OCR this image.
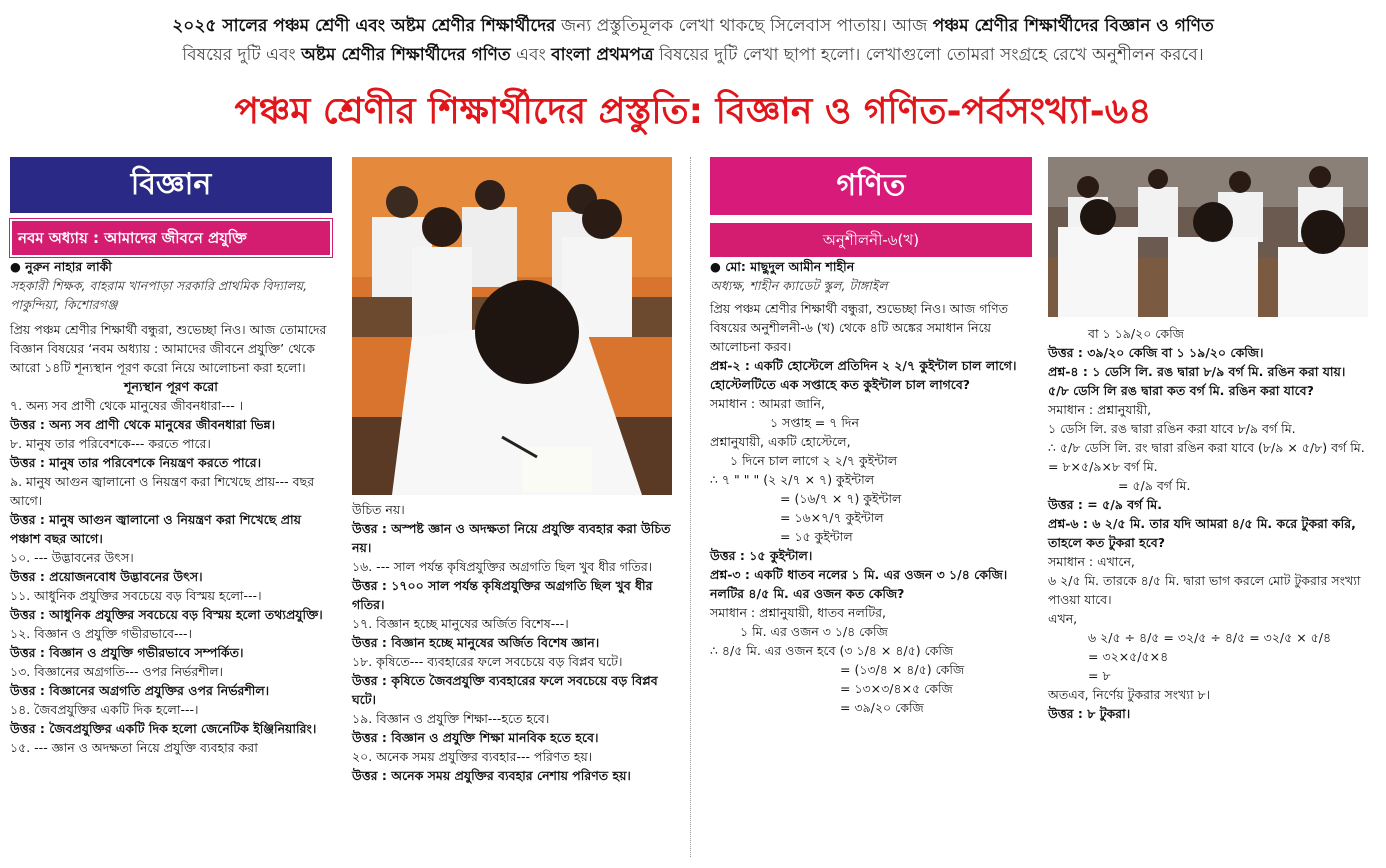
২০২৫ সালের পঞ্চম শ্রেণী এবং অষ্টম শ্রেণীর শিক্ষার্থীদের জন্য প্রস্তুতিমূলক লেখা থাকছে সিলেবাস পাতায়। আজ পঞ্চম শ্রেণীর শিক্ষার্থীদের বিজ্ঞান ও গণিত
বিষয়ের দুটি এবং অষ্টম শ্রেণীর শিক্ষার্থীদের গণিত এবং বাংলা প্রথমপত্র বিষয়ের দুটি লেখা ছাপা হলো। লেখাগুলো তোমরা সংগ্রহে রেখে অনুশীলন করবে।
পঞ্চম শ্রেণীর শিক্ষার্থীদের প্রস্তুতি: বিজ্ঞান ও গণিত-পর্বসংখ্যা-৬৪
বিজ্ঞান
নবম অধ্যায় : আমাদের জীবনে প্রযুক্তি

● নুরুন নাহার লাকী

সহকারী শিক্ষক, বাহরাম খানপাড়া সরকারি প্রাথমিক বিদ্যালয়, পাকুন্দিয়া, কিশোরগঞ্জ

প্রিয় পঞ্চম শ্রেণীর শিক্ষার্থী বন্ধুরা, শুভেচ্ছা নিও। আজ তোমাদের বিজ্ঞান বিষয়ের ‘নবম অধ্যায় : আমাদের জীবনে প্রযুক্তি’ থেকে আরো ১৪টি শূন্যস্থান পূরণ করো নিয়ে আলোচনা করা হলো।

শূন্যস্থান পূরণ করো

৭. অন্য সব প্রাণী থেকে মানুষের জীবনধারা--- ।

উত্তর : অন্য সব প্রাণী থেকে মানুষের জীবনধারা ভিন্ন।

৮. মানুষ তার পরিবেশকে--- করতে পারে।

উত্তর : মানুষ তার পরিবেশকে নিয়ন্ত্রণ করতে পারে।

৯. মানুষ আগুন জ্বালানো ও নিয়ন্ত্রণ করা শিখেছে প্রায়--- বছর আগে।

উত্তর : মানুষ আগুন জ্বালানো ও নিয়ন্ত্রণ করা শিখেছে প্রায় পঞ্চাশ বছর আগে।

১০. --- উদ্ভাবনের উৎস।

উত্তর : প্রয়োজনবোধ উদ্ভাবনের উৎস।

১১. আধুনিক প্রযুক্তির সবচেয়ে বড় বিস্ময় হলো---।

উত্তর : আধুনিক প্রযুক্তির সবচেয়ে বড় বিস্ময় হলো তথ্যপ্রযুক্তি।

১২. বিজ্ঞান ও প্রযুক্তি গভীরভাবে---।

উত্তর : বিজ্ঞান ও প্রযুক্তি গভীরভাবে সম্পর্কিত।

১৩. বিজ্ঞানের অগ্রগতি--- ওপর নির্ভরশীল।

উত্তর : বিজ্ঞানের অগ্রগতি প্রযুক্তির ওপর নির্ভরশীল।

১৪. জৈবপ্রযুক্তির একটি দিক হলো---।

উত্তর : জৈবপ্রযুক্তির একটি দিক হলো জেনেটিক ইঞ্জিনিয়ারিং।

১৫. --- জ্ঞান ও অদক্ষতা নিয়ে প্রযুক্তি ব্যবহার করা

উচিত নয়।

উত্তর : অস্পষ্ট জ্ঞান ও অদক্ষতা নিয়ে প্রযুক্তি ব্যবহার করা উচিত নয়।

১৬. --- সাল পর্যন্ত কৃষিপ্রযুক্তির অগ্রগতি ছিল খুব ধীর গতির।

উত্তর : ১৭০০ সাল পর্যন্ত কৃষিপ্রযুক্তির অগ্রগতি ছিল খুব ধীর গতির।

১৭. বিজ্ঞান হচ্ছে মানুষের অর্জিত বিশেষ---।

উত্তর : বিজ্ঞান হচ্ছে মানুষের অর্জিত বিশেষ জ্ঞান।

১৮. কৃষিতে--- ব্যবহারের ফলে সবচেয়ে বড় বিপ্লব ঘটে।

উত্তর : কৃষিতে জৈবপ্রযুক্তি ব্যবহারের ফলে সবচেয়ে বড় বিপ্লব ঘটে।

১৯. বিজ্ঞান ও প্রযুক্তি শিক্ষা---হতে হবে।

উত্তর : বিজ্ঞান ও প্রযুক্তি শিক্ষা মানবিক হতে হবে।

২০. অনেক সময় প্রযুক্তির ব্যবহার--- পরিণত হয়।

উত্তর : অনেক সময় প্রযুক্তির ব্যবহার নেশায় পরিণত হয়।

গণিত
অনুশীলনী-৬(খ)

● মো: মাছুদুল আমীন শাহীন

অধ্যক্ষ, শাহীন ক্যাডেট স্কুল, টাঙ্গাইল

প্রিয় পঞ্চম শ্রেণীর শিক্ষার্থী বন্ধুরা, শুভেচ্ছা নিও। আজ গণিত বিষয়ের অনুশীলনী-৬ (খ) থেকে ৪টি অঙ্কের সমাধান নিয়ে আলোচনা করব।

প্রশ্ন-২ : একটি হোস্টেলে প্রতিদিন ২ ২/৭ কুইন্টাল চাল লাগে। হোস্টেলটিতে এক সপ্তাহে কত কুইন্টাল চাল লাগবে?

সমাধান : আমরা জানি,

১ সপ্তাহ = ৭ দিন

প্রশ্নানুযায়ী, একটি হোস্টেলে,

১ দিনে চাল লাগে ২ ২/৭ কুইন্টাল

∴ ৭ " " " (২ ২/৭ × ৭) কুইন্টাল

= (১৬/৭ × ৭) কুইন্টাল

= ১৬×৭/৭ কুইন্টাল

= ১৫ কুইন্টাল

উত্তর : ১৫ কুইন্টাল।

প্রশ্ন-৩ : একটি ধাতব নলের ১ মি. এর ওজন ৩ ১/৪ কেজি। নলটির ৪/৫ মি. এর ওজন কত কেজি?

সমাধান : প্রশ্নানুযায়ী, ধাতব নলটির,

১ মি. এর ওজন ৩ ১/৪ কেজি

∴ ৪/৫ মি. এর ওজন হবে (৩ ১/৪ × ৪/৫) কেজি

= (১৩/৪ × ৪/৫) কেজি

= ১৩×৩/৪×৫ কেজি

= ৩৯/২০ কেজি

বা ১ ১৯/২০ কেজি

উত্তর : ৩৯/২০ কেজি বা ১ ১৯/২০ কেজি।

প্রশ্ন-৪ : ১ ডেসি লি. রঙ দ্বারা ৮/৯ বর্গ মি. রঙিন করা যায়। ৫/৮ ডেসি লি রঙ দ্বারা কত বর্গ মি. রঙিন করা যাবে?

সমাধান : প্রশ্নানুযায়ী,

১ ডেসি লি. রঙ দ্বারা রঙিন করা যাবে ৮/৯ বর্গ মি.

∴ ৫/৮ ডেসি লি. রং দ্বারা রঙিন করা যাবে (৮/৯ × ৫/৮) বর্গ মি. = ৮×৫/৯×৮ বর্গ মি.

= ৫/৯ বর্গ মি.

উত্তর : = ৫/৯ বর্গ মি.

প্রশ্ন-৬ : ৬ ২/৫ মি. তার যদি আমরা ৪/৫ মি. করে টুকরা করি, তাহলে কত টুকরা হবে?

সমাধান : এখানে,

৬ ২/৫ মি. তারকে ৪/৫ মি. দ্বারা ভাগ করলে মোট টুকরার সংখ্যা পাওয়া যাবে।

এখন,

৬ ২/৫ ÷ ৪/৫ = ৩২/৫ ÷ ৪/৫ = ৩২/৫ × ৫/৪

= ৩২×৫/৫×৪

= ৮

অতএব, নির্ণেয় টুকরার সংখ্যা ৮।

উত্তর : ৮ টুকরা।
